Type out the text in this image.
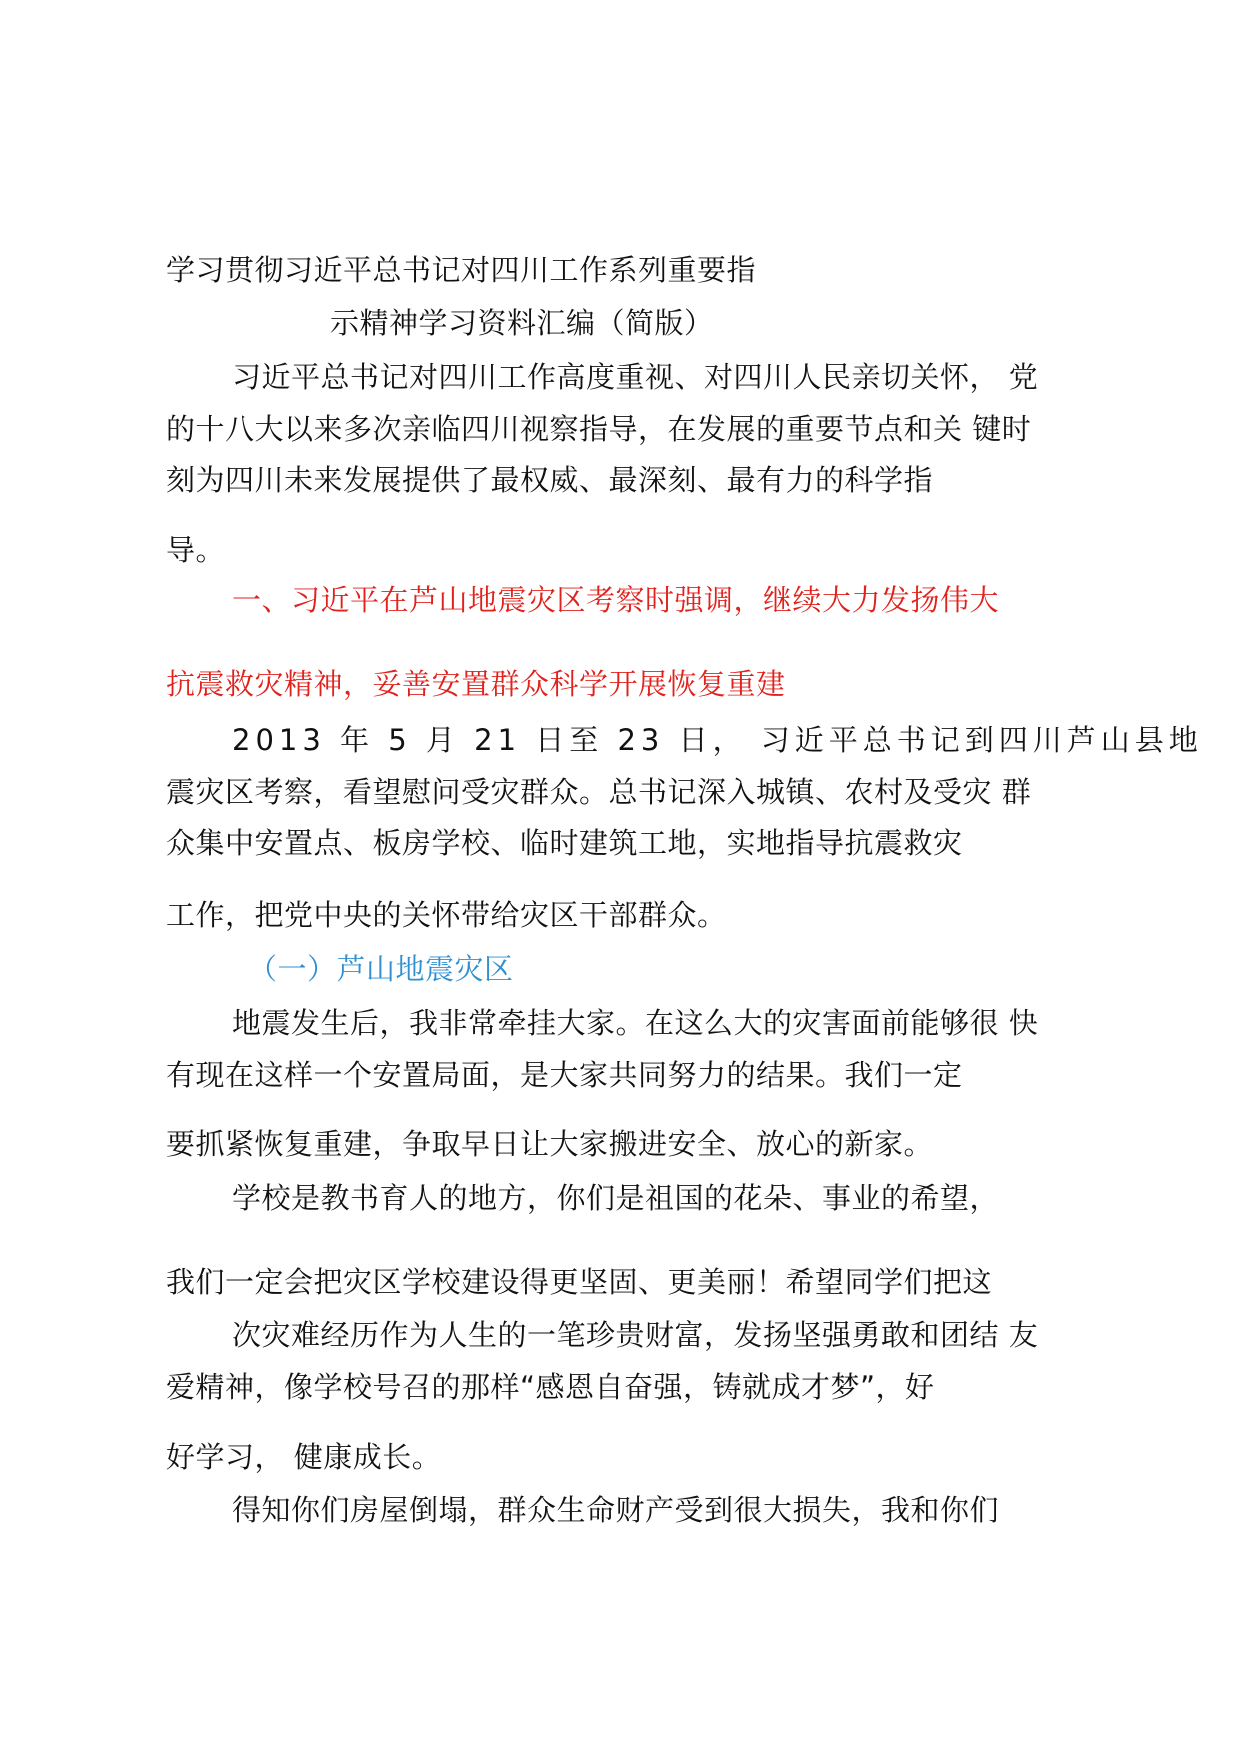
学习贯彻习近平总书记对四川工作系列重要指
示精神学习资料汇编（简版）
习近平总书记对四川工作高度重视、对四川人民亲切关怀， 党
的十八大以来多次亲临四川视察指导，在发展的重要节点和关 键时
刻为四川未来发展提供了最权威、最深刻、最有力的科学指
导。
一、习近平在芦山地震灾区考察时强调，继续大力发扬伟大
抗震救灾精神，妥善安置群众科学开展恢复重建
2013 年 5 月 21 日至 23 日， 习近平总书记到四川芦山县地
震灾区考察，看望慰问受灾群众。总书记深入城镇、农村及受灾 群
众集中安置点、板房学校、临时建筑工地，实地指导抗震救灾
工作，把党中央的关怀带给灾区干部群众。
（一）芦山地震灾区
地震发生后，我非常牵挂大家。在这么大的灾害面前能够很 快
有现在这样一个安置局面，是大家共同努力的结果。我们一定
要抓紧恢复重建，争取早日让大家搬进安全、放心的新家。
学校是教书育人的地方，你们是祖国的花朵、事业的希望，
我们一定会把灾区学校建设得更坚固、更美丽！希望同学们把这
次灾难经历作为人生的一笔珍贵财富，发扬坚强勇敢和团结 友
爱精神，像学校号召的那样“感恩自奋强，铸就成才梦”，好
好学习， 健康成长。
得知你们房屋倒塌，群众生命财产受到很大损失，我和你们
